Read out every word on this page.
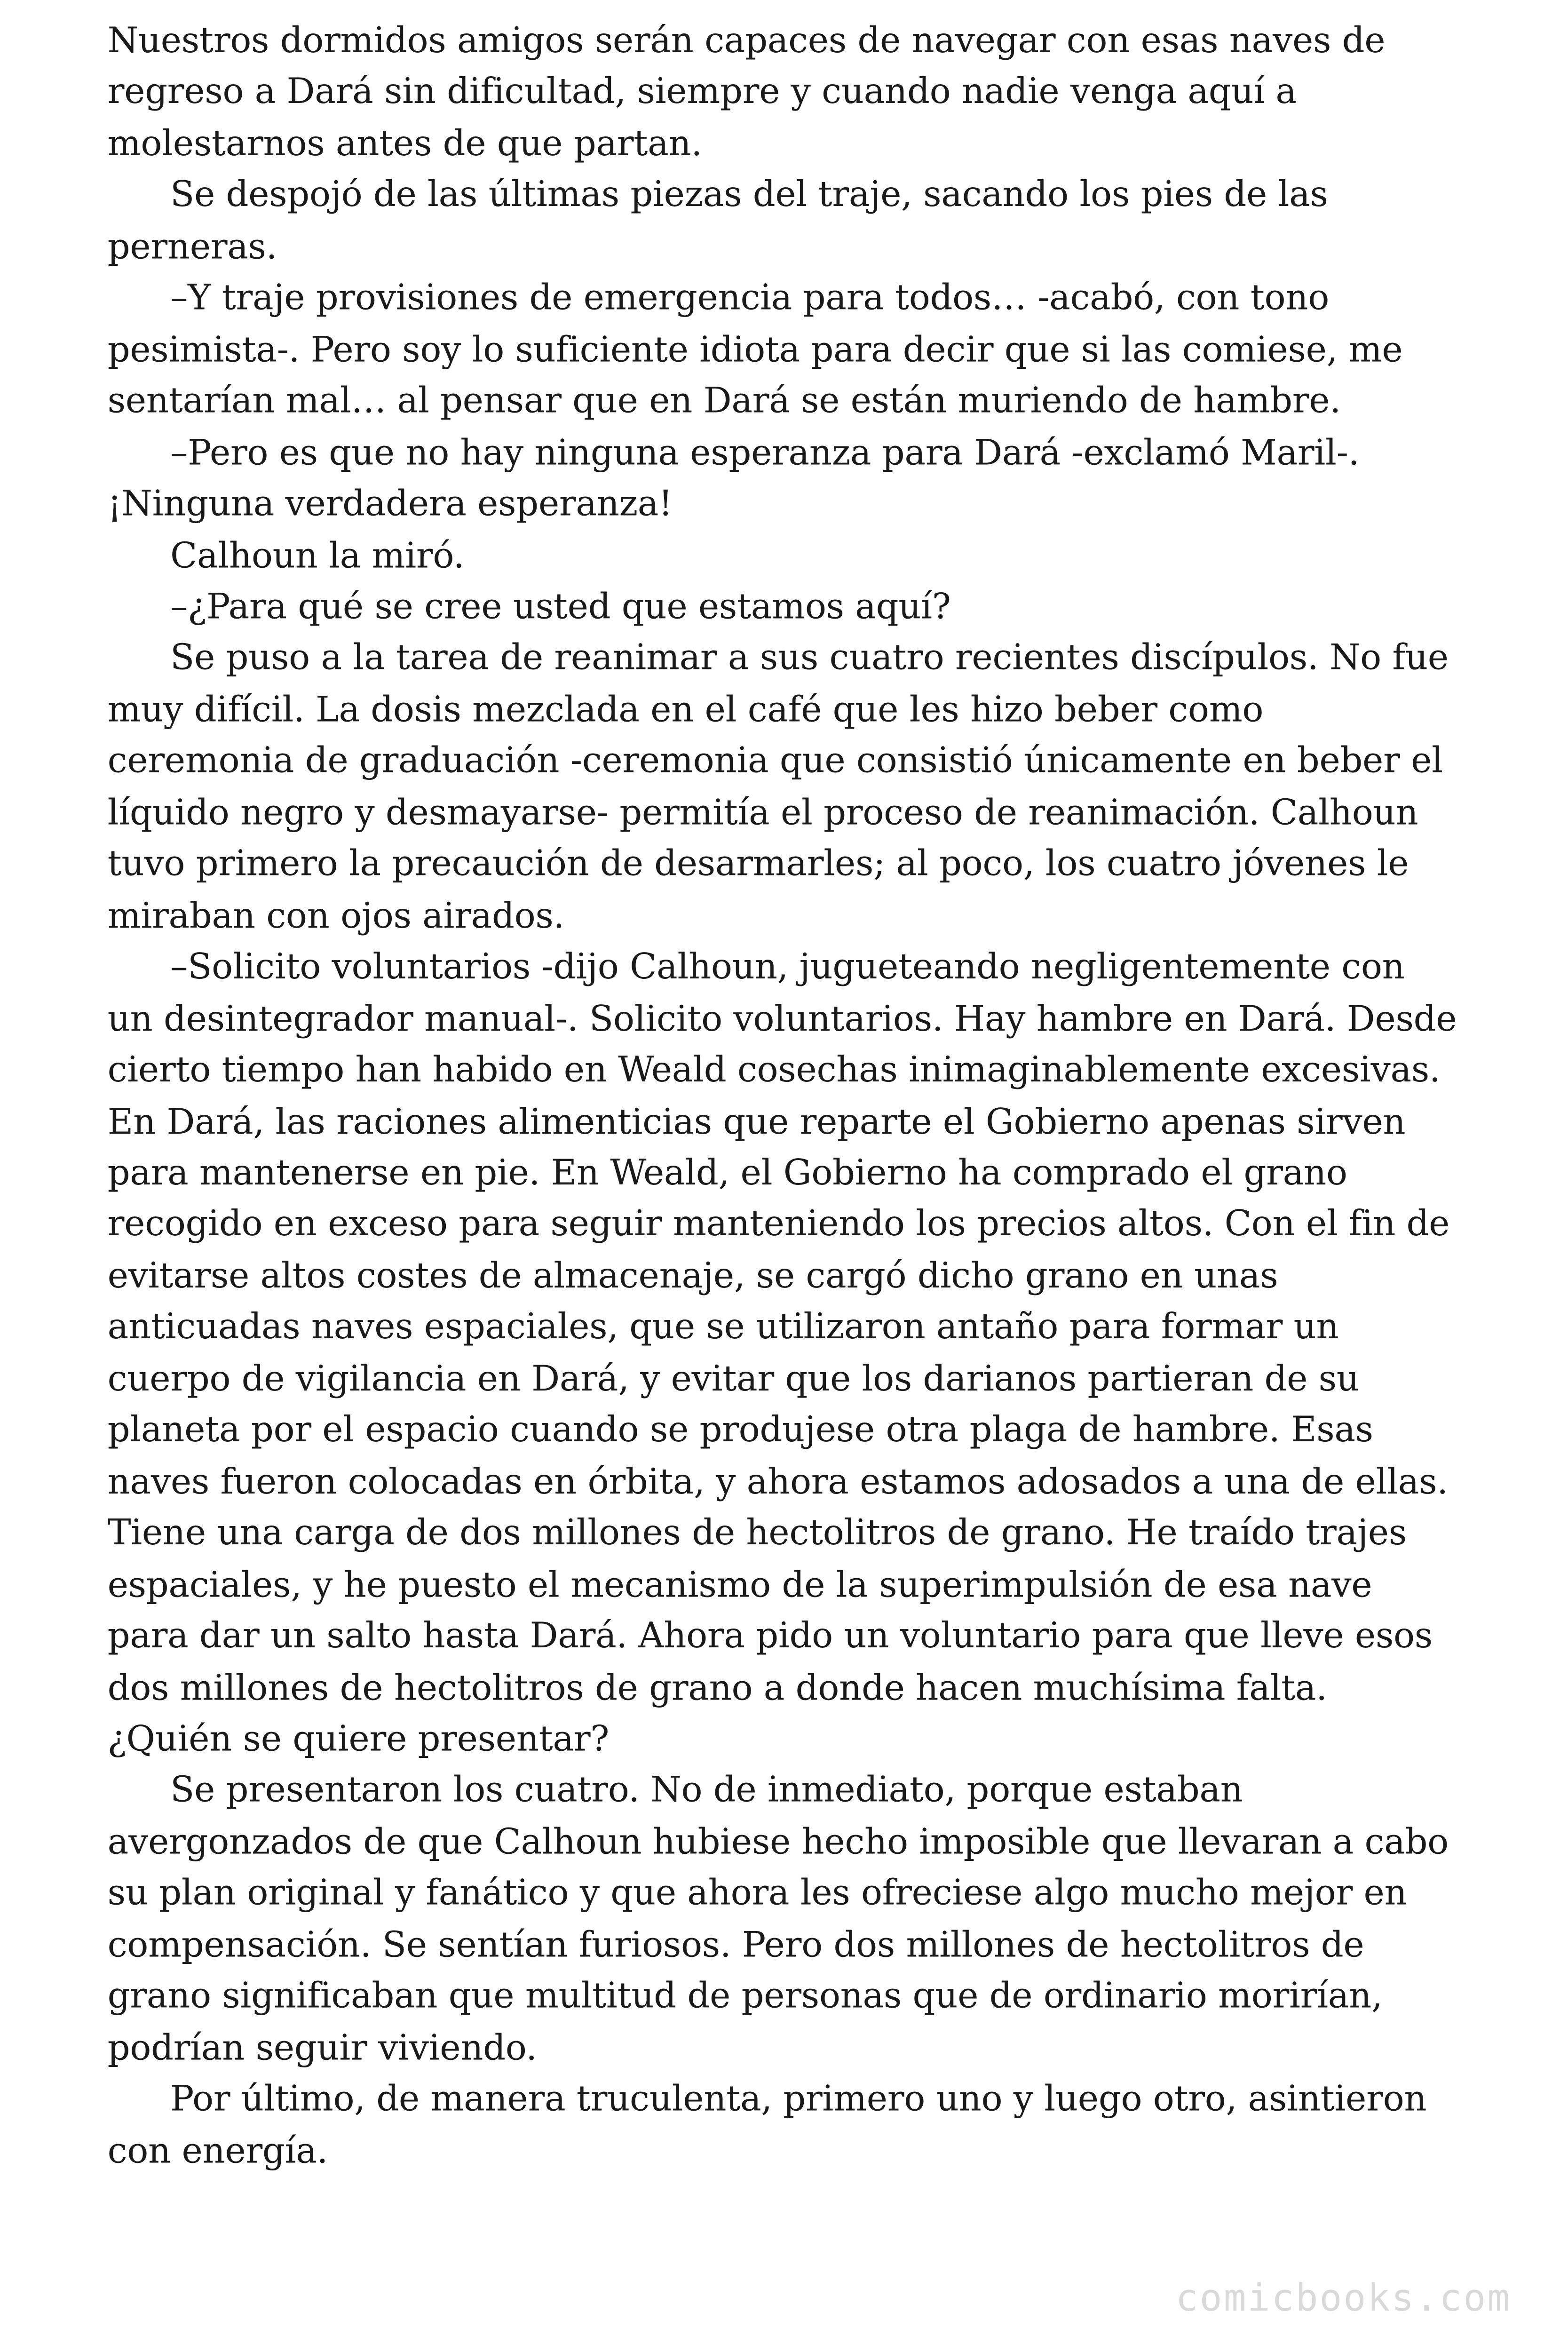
Nuestros dormidos amigos serán capaces de navegar con esas naves de regreso a Dará sin dificultad, siempre y cuando nadie venga aquí a molestarnos antes de que partan.

Se despojó de las últimas piezas del traje, sacando los pies de las perneras.

–Y traje provisiones de emergencia para todos… -acabó, con tono pesimista-. Pero soy lo suficiente idiota para decir que si las comiese, me sentarían mal… al pensar que en Dará se están muriendo de hambre.

–Pero es que no hay ninguna esperanza para Dará -exclamó Maril-. ¡Ninguna verdadera esperanza!

Calhoun la miró.

–¿Para qué se cree usted que estamos aquí?

Se puso a la tarea de reanimar a sus cuatro recientes discípulos. No fue muy difícil. La dosis mezclada en el café que les hizo beber como ceremonia de graduación -ceremonia que consistió únicamente en beber el líquido negro y desmayarse- permitía el proceso de reanimación. Calhoun tuvo primero la precaución de desarmarles; al poco, los cuatro jóvenes le miraban con ojos airados.

–Solicito voluntarios -dijo Calhoun, jugueteando negligentemente con un desintegrador manual-. Solicito voluntarios. Hay hambre en Dará. Desde cierto tiempo han habido en Weald cosechas inimaginablemente excesivas. En Dará, las raciones alimenticias que reparte el Gobierno apenas sirven para mantenerse en pie. En Weald, el Gobierno ha comprado el grano recogido en exceso para seguir manteniendo los precios altos. Con el fin de evitarse altos costes de almacenaje, se cargó dicho grano en unas anticuadas naves espaciales, que se utilizaron antaño para formar un cuerpo de vigilancia en Dará, y evitar que los darianos partieran de su planeta por el espacio cuando se produjese otra plaga de hambre. Esas naves fueron colocadas en órbita, y ahora estamos adosados a una de ellas. Tiene una carga de dos millones de hectolitros de grano. He traído trajes espaciales, y he puesto el mecanismo de la superimpulsión de esa nave para dar un salto hasta Dará. Ahora pido un voluntario para que lleve esos dos millones de hectolitros de grano a donde hacen muchísima falta. ¿Quién se quiere presentar?

Se presentaron los cuatro. No de inmediato, porque estaban avergonzados de que Calhoun hubiese hecho imposible que llevaran a cabo su plan original y fanático y que ahora les ofreciese algo mucho mejor en compensación. Se sentían furiosos. Pero dos millones de hectolitros de grano significaban que multitud de personas que de ordinario morirían, podrían seguir viviendo.

Por último, de manera truculenta, primero uno y luego otro, asintieron con energía.

comicbooks.com
